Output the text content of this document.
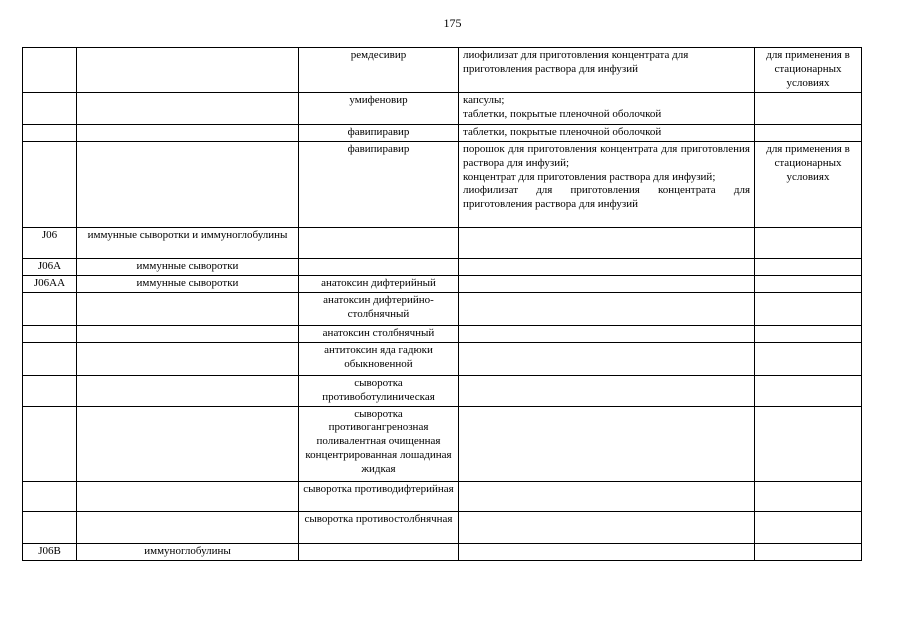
175
		ремдесивир	лиофилизат для приготовления концентрата для приготовления раствора для инфузий	для применения в стационарных условиях
		умифеновир	капсулы;
таблетки, покрытые пленочной оболочкой	

		фавипиравир	таблетки, покрытые пленочной оболочкой	

		фавипиравир	порошок для приготовления концентрата для приготовления раствора для инфузий;
концентрат для приготовления раствора для инфузий;
лиофилизат для приготовления концентрата для приготовления раствора для инфузий	для применения в стационарных условиях
J06	иммунные сыворотки и иммуноглобулины			
J06A	иммунные сыворотки			
J06AA	иммунные сыворотки	анатоксин дифтерийный		
		анатоксин дифтерийно-столбнячный		
		анатоксин столбнячный		
		антитоксин яда гадюки обыкновенной		
		сыворотка противоботулиническая		
		сыворотка противогангренозная поливалентная очищенная концентрированная лошадиная жидкая		
		сыворотка противодифтерийная		
		сыворотка противостолбнячная		
J06B	иммуноглобулины			
